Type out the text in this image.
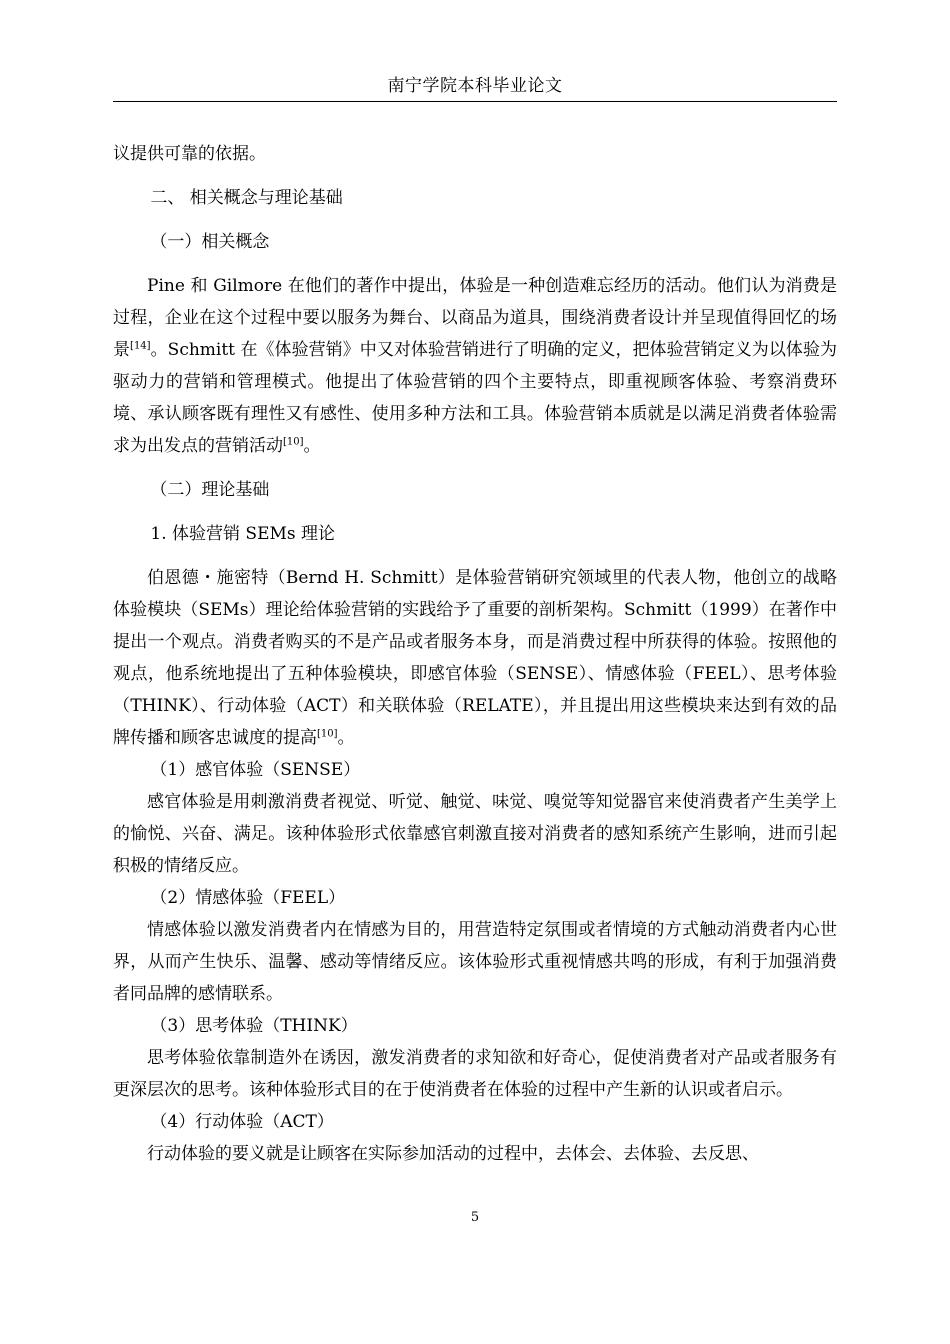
南宁学院本科毕业论文

议提供可靠的依据。

二、 相关概念与理论基础

（一）相关概念

Pine 和 Gilmore 在他们的著作中提出，体验是一种创造难忘经历的活动。他们认为消费是过程，企业在这个过程中要以服务为舞台、以商品为道具，围绕消费者设计并呈现值得回忆的场景[14]。Schmitt 在《体验营销》中又对体验营销进行了明确的定义，把体验营销定义为以体验为驱动力的营销和管理模式。他提出了体验营销的四个主要特点，即重视顾客体验、考察消费环境、承认顾客既有理性又有感性、使用多种方法和工具。体验营销本质就是以满足消费者体验需求为出发点的营销活动[10]。

（二）理论基础

1. 体验营销 SEMs 理论

伯恩德・施密特（Bernd H. Schmitt）是体验营销研究领域里的代表人物，他创立的战略体验模块（SEMs）理论给体验营销的实践给予了重要的剖析架构。Schmitt（1999）在著作中提出一个观点。消费者购买的不是产品或者服务本身，而是消费过程中所获得的体验。按照他的观点，他系统地提出了五种体验模块，即感官体验（SENSE）、情感体验（FEEL）、思考体验（THINK）、行动体验（ACT）和关联体验（RELATE），并且提出用这些模块来达到有效的品牌传播和顾客忠诚度的提高[10]。

（1）感官体验（SENSE）

感官体验是用刺激消费者视觉、听觉、触觉、味觉、嗅觉等知觉器官来使消费者产生美学上的愉悦、兴奋、满足。该种体验形式依靠感官刺激直接对消费者的感知系统产生影响，进而引起积极的情绪反应。

（2）情感体验（FEEL）

情感体验以激发消费者内在情感为目的，用营造特定氛围或者情境的方式触动消费者内心世界，从而产生快乐、温馨、感动等情绪反应。该体验形式重视情感共鸣的形成，有利于加强消费者同品牌的感情联系。

（3）思考体验（THINK）

思考体验依靠制造外在诱因，激发消费者的求知欲和好奇心，促使消费者对产品或者服务有更深层次的思考。该种体验形式目的在于使消费者在体验的过程中产生新的认识或者启示。

（4）行动体验（ACT）

行动体验的要义就是让顾客在实际参加活动的过程中，去体会、去体验、去反思、

5
